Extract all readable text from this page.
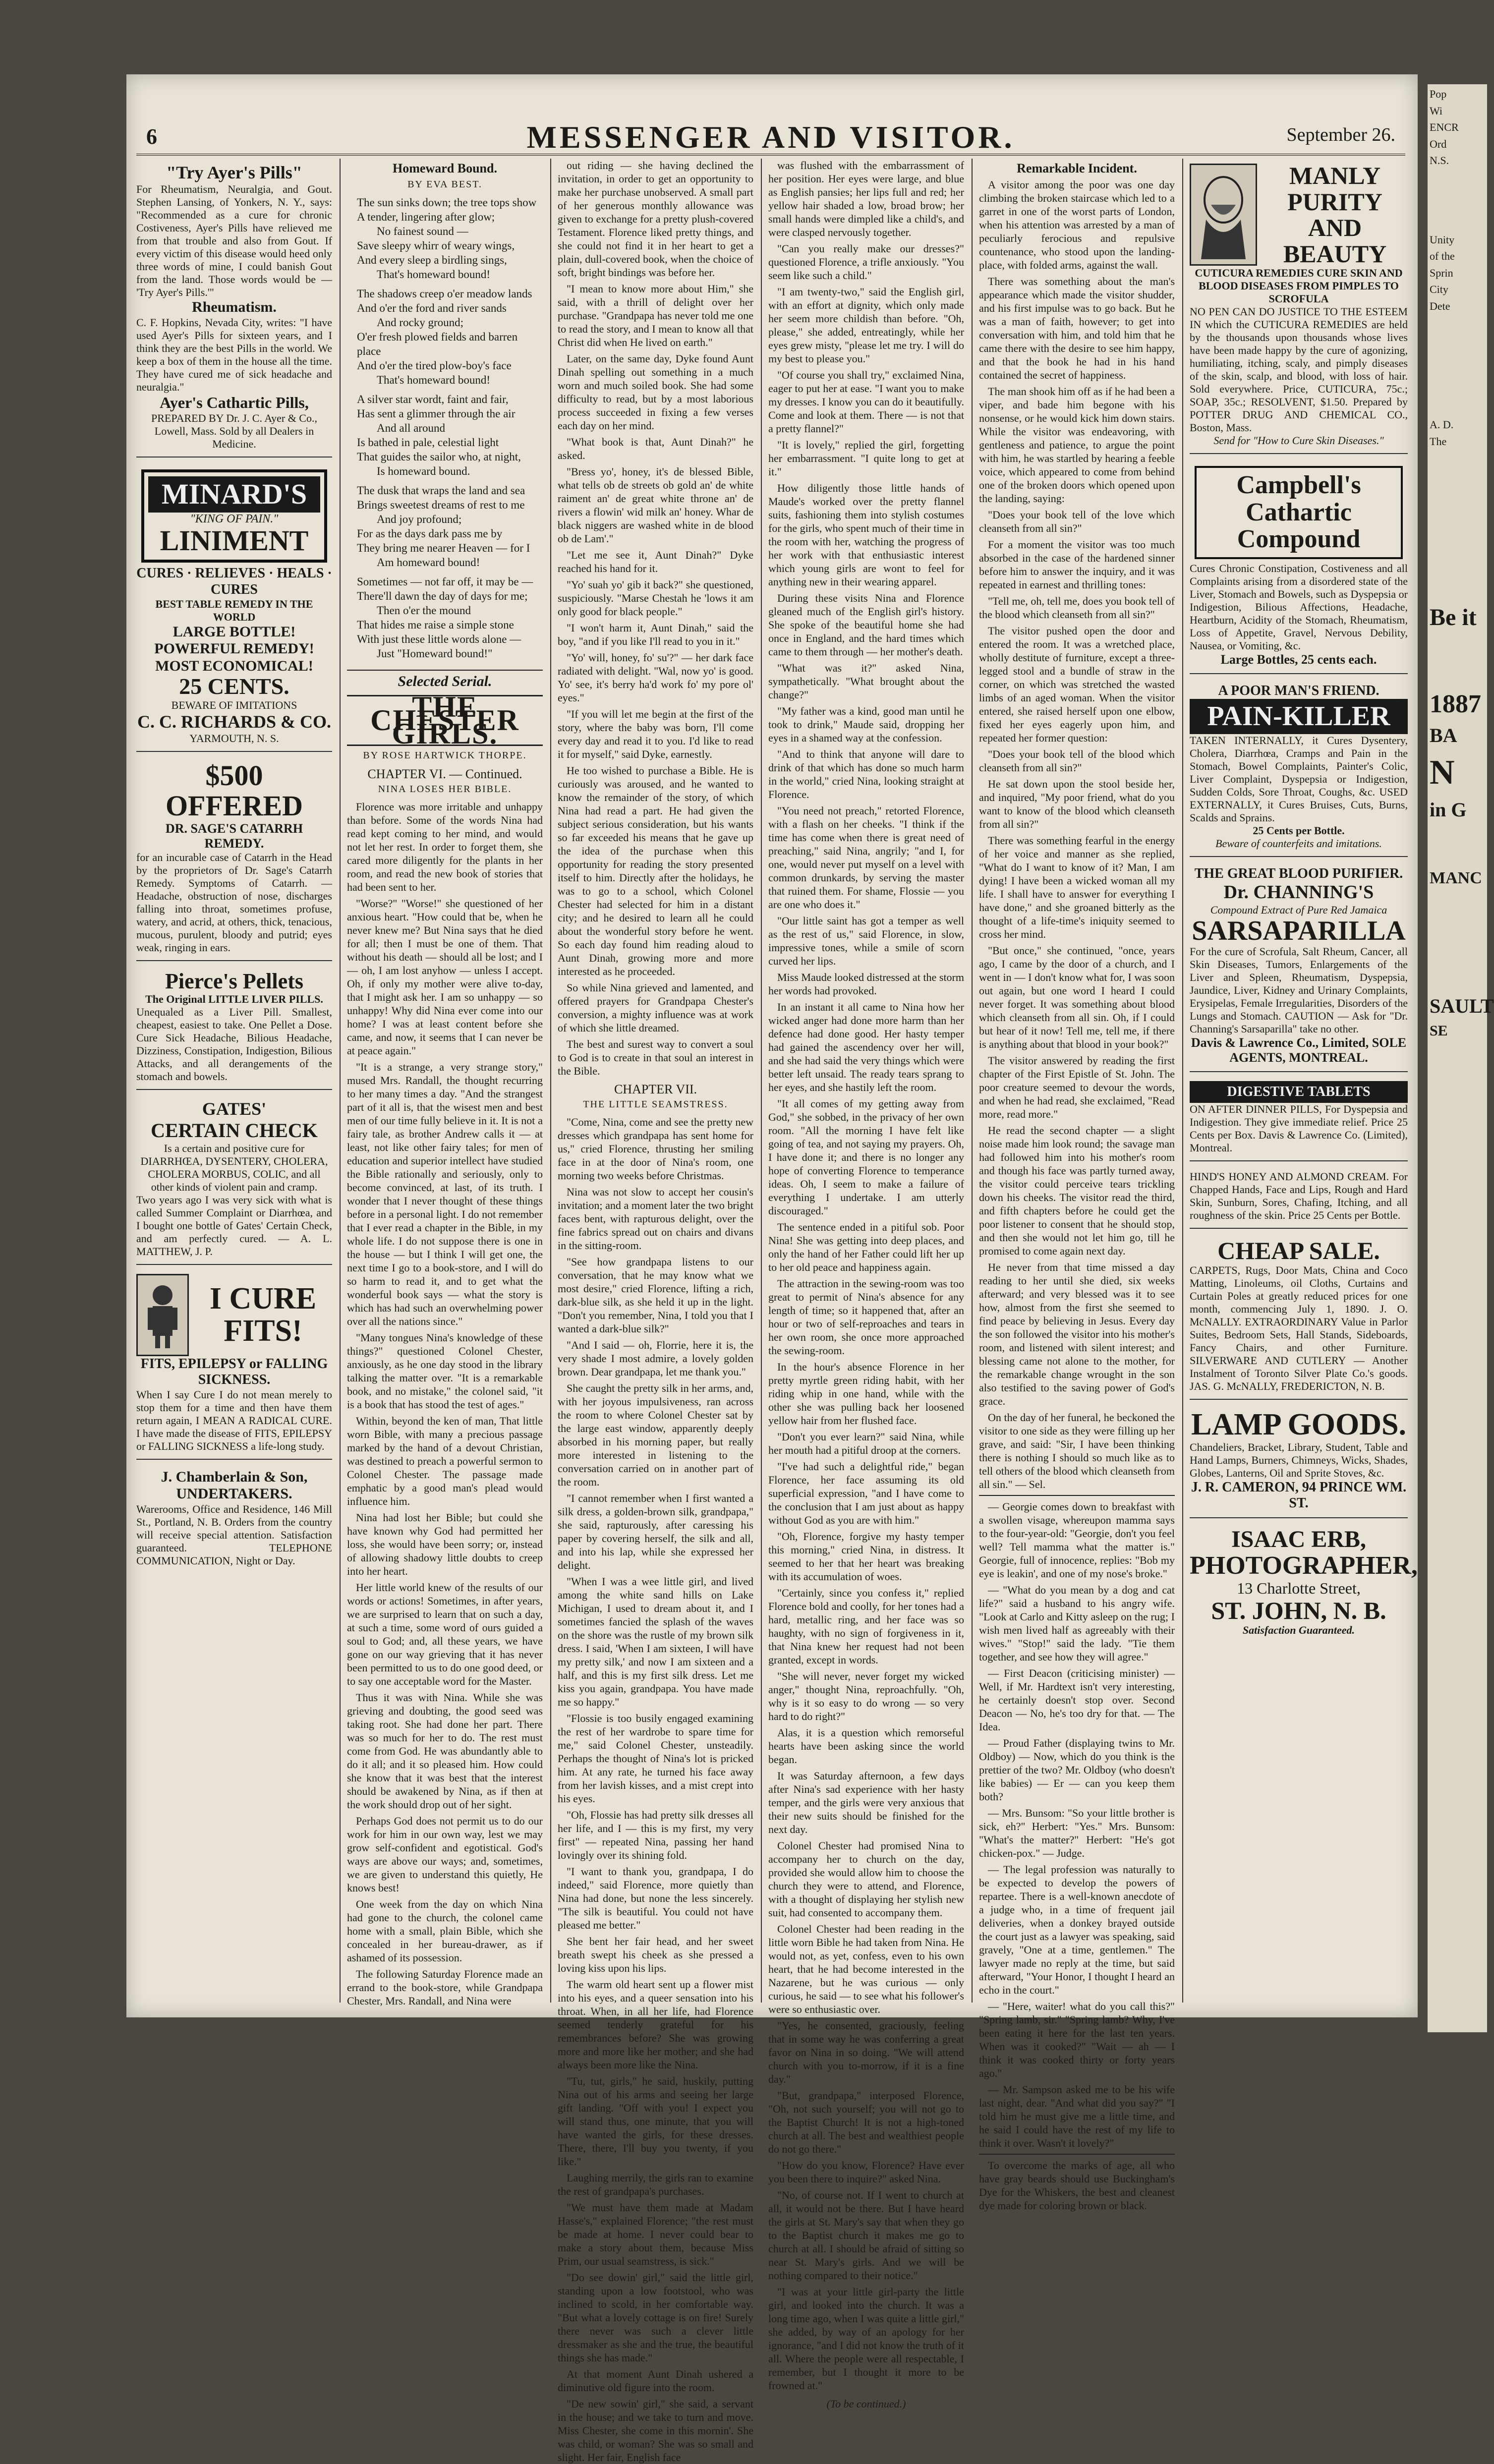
6	MESSENGER AND VISITOR.	September 26.
"Try Ayer's Pills"
For Rheumatism, Neuralgia, and Gout. Stephen Lansing, of Yonkers, N. Y., says: "Recommended as a cure for chronic Costiveness, Ayer's Pills have relieved me from that trouble and also from Gout. If every victim of this disease would heed only three words of mine, I could banish Gout from the land. Those words would be — 'Try Ayer's Pills.'"
Rheumatism.
C. F. Hopkins, Nevada City, writes: "I have used Ayer's Pills for sixteen years, and I think they are the best Pills in the world. We keep a box of them in the house all the time. They have cured me of sick headache and neuralgia."
Ayer's Cathartic Pills,
PREPARED BY Dr. J. C. Ayer & Co., Lowell, Mass. Sold by all Dealers in Medicine.
MINARD'S
"KING OF PAIN."
LINIMENT
CURES · RELIEVES · HEALS · CURES
BEST TABLE REMEDY IN THE WORLD
LARGE BOTTLE! POWERFUL REMEDY! MOST ECONOMICAL!
25 CENTS.
BEWARE OF IMITATIONS
C. C. RICHARDS & CO.
YARMOUTH, N. S.
$500 OFFERED
DR. SAGE'S CATARRH REMEDY.
for an incurable case of Catarrh in the Head by the proprietors of Dr. Sage's Catarrh Remedy. Symptoms of Catarrh. — Headache, obstruction of nose, discharges falling into throat, sometimes profuse, watery, and acrid, at others, thick, tenacious, mucous, purulent, bloody and putrid; eyes weak, ringing in ears.
Pierce's Pellets
The Original LITTLE LIVER PILLS.
Unequaled as a Liver Pill. Smallest, cheapest, easiest to take. One Pellet a Dose. Cure Sick Headache, Bilious Headache, Dizziness, Constipation, Indigestion, Bilious Attacks, and all derangements of the stomach and bowels.
GATES'
CERTAIN CHECK
Is a certain and positive cure for DIARRHŒA, DYSENTERY, CHOLERA, CHOLERA MORBUS, COLIC, and all other kinds of violent pain and cramp.
Two years ago I was very sick with what is called Summer Complaint or Diarrhœa, and I bought one bottle of Gates' Certain Check, and am perfectly cured. — A. L. MATTHEW, J. P.
I CURE FITS!
FITS, EPILEPSY or FALLING SICKNESS.
When I say Cure I do not mean merely to stop them for a time and then have them return again, I MEAN A RADICAL CURE. I have made the disease of FITS, EPILEPSY or FALLING SICKNESS a life-long study.
J. Chamberlain & Son, UNDERTAKERS.
Warerooms, Office and Residence, 146 Mill St., Portland, N. B. Orders from the country will receive special attention. Satisfaction guaranteed. TELEPHONE COMMUNICATION, Night or Day.
Homeward Bound.
BY EVA BEST.
The sun sinks down; the tree tops show
A tender, lingering after glow;
No fainest sound —
Save sleepy whirr of weary wings,
And every sleep a birdling sings,
That's homeward bound!
The shadows creep o'er meadow lands
And o'er the ford and river sands
And rocky ground;
O'er fresh plowed fields and barren place
And o'er the tired plow-boy's face
That's homeward bound!
A silver star wordt, faint and fair,
Has sent a glimmer through the air
And all around
Is bathed in pale, celestial light
That guides the sailor who, at night,
Is homeward bound.
The dusk that wraps the land and sea
Brings sweetest dreams of rest to me
And joy profound;
For as the days dark pass me by
They bring me nearer Heaven — for I
Am homeward bound!
Sometimes — not far off, it may be —
There'll dawn the day of days for me;
Then o'er the mound
That hides me raise a simple stone
With just these little words alone —
Just "Homeward bound!"
Selected Serial.
THE CHESTER GIRLS.
BY ROSE HARTWICK THORPE.
CHAPTER VI. — Continued.
NINA LOSES HER BIBLE.

Florence was more irritable and unhappy than before. Some of the words Nina had read kept coming to her mind, and would not let her rest. In order to forget them, she cared more diligently for the plants in her room, and read the new book of stories that had been sent to her.

"Worse?" "Worse!" she questioned of her anxious heart. "How could that be, when he never knew me? But Nina says that he died for all; then I must be one of them. That without his death — should all be lost; and I — oh, I am lost anyhow — unless I accept. Oh, if only my mother were alive to-day, that I might ask her. I am so unhappy — so unhappy! Why did Nina ever come into our home? I was at least content before she came, and now, it seems that I can never be at peace again."

"It is a strange, a very strange story," mused Mrs. Randall, the thought recurring to her many times a day. "And the strangest part of it all is, that the wisest men and best men of our time fully believe in it. It is not a fairy tale, as brother Andrew calls it — at least, not like other fairy tales; for men of education and superior intellect have studied the Bible rationally and seriously, only to become convinced, at last, of its truth. I wonder that I never thought of these things before in a personal light. I do not remember that I ever read a chapter in the Bible, in my whole life. I do not suppose there is one in the house — but I think I will get one, the next time I go to a book-store, and I will do so harm to read it, and to get what the wonderful book says — what the story is which has had such an overwhelming power over all the nations since."

"Many tongues Nina's knowledge of these things?" questioned Colonel Chester, anxiously, as he one day stood in the library talking the matter over. "It is a remarkable book, and no mistake," the colonel said, "it is a book that has stood the test of ages."

Within, beyond the ken of man, That little worn Bible, with many a precious passage marked by the hand of a devout Christian, was destined to preach a powerful sermon to Colonel Chester. The passage made emphatic by a good man's plead would influence him.

Nina had lost her Bible; but could she have known why God had permitted her loss, she would have been sorry; or, instead of allowing shadowy little doubts to creep into her heart.

Her little world knew of the results of our words or actions! Sometimes, in after years, we are surprised to learn that on such a day, at such a time, some word of ours guided a soul to God; and, all these years, we have gone on our way grieving that it has never been permitted to us to do one good deed, or to say one acceptable word for the Master.

Thus it was with Nina. While she was grieving and doubting, the good seed was taking root. She had done her part. There was so much for her to do. The rest must come from God. He was abundantly able to do it all; and it so pleased him. How could she know that it was best that the interest should be awakened by Nina, as if then at the work should drop out of her sight.

Perhaps God does not permit us to do our work for him in our own way, lest we may grow self-confident and egotistical. God's ways are above our ways; and, sometimes, we are given to understand this quietly, He knows best!

One week from the day on which Nina had gone to the church, the colonel came home with a small, plain Bible, which she concealed in her bureau-drawer, as if ashamed of its possession.

The following Saturday Florence made an errand to the book-store, while Grandpapa Chester, Mrs. Randall, and Nina were

out riding — she having declined the invitation, in order to get an opportunity to make her purchase unobserved. A small part of her generous monthly allowance was given to exchange for a pretty plush-covered Testament. Florence liked pretty things, and she could not find it in her heart to get a plain, dull-covered book, when the choice of soft, bright bindings was before her.

"I mean to know more about Him," she said, with a thrill of delight over her purchase. "Grandpapa has never told me one to read the story, and I mean to know all that Christ did when He lived on earth."

Later, on the same day, Dyke found Aunt Dinah spelling out something in a much worn and much soiled book. She had some difficulty to read, but by a most laborious process succeeded in fixing a few verses each day on her mind.

"What book is that, Aunt Dinah?" he asked.

"Bress yo', honey, it's de blessed Bible, what tells ob de streets ob gold an' de white raiment an' de great white throne an' de rivers a flowin' wid milk an' honey. Whar de black niggers are washed white in de blood ob de Lam'."

"Let me see it, Aunt Dinah?" Dyke reached his hand for it.

"Yo' suah yo' gib it back?" she questioned, suspiciously. "Marse Chestah he 'lows it am only good for black people."

"I won't harm it, Aunt Dinah," said the boy, "and if you like I'll read to you in it."

"Yo' will, honey, fo' su'?" — her dark face radiated with delight. "Wal, now yo' is good. Yo' see, it's berry ha'd work fo' my pore ol' eyes."

"If you will let me begin at the first of the story, where the baby was born, I'll come every day and read it to you. I'd like to read it for myself," said Dyke, earnestly.

He too wished to purchase a Bible. He is curiously was aroused, and he wanted to know the remainder of the story, of which Nina had read a part. He had given the subject serious consideration, but his wants so far exceeded his means that he gave up the idea of the purchase when this opportunity for reading the story presented itself to him. Directly after the holidays, he was to go to a school, which Colonel Chester had selected for him in a distant city; and he desired to learn all he could about the wonderful story before he went. So each day found him reading aloud to Aunt Dinah, growing more and more interested as he proceeded.

So while Nina grieved and lamented, and offered prayers for Grandpapa Chester's conversion, a mighty influence was at work of which she little dreamed.

The best and surest way to convert a soul to God is to create in that soul an interest in the Bible.

CHAPTER VII.
THE LITTLE SEAMSTRESS.

"Come, Nina, come and see the pretty new dresses which grandpapa has sent home for us," cried Florence, thrusting her smiling face in at the door of Nina's room, one morning two weeks before Christmas.

Nina was not slow to accept her cousin's invitation; and a moment later the two bright faces bent, with rapturous delight, over the fine fabrics spread out on chairs and divans in the sitting-room.

"See how grandpapa listens to our conversation, that he may know what we most desire," cried Florence, lifting a rich, dark-blue silk, as she held it up in the light. "Don't you remember, Nina, I told you that I wanted a dark-blue silk?"

"And I said — oh, Florrie, here it is, the very shade I most admire, a lovely golden brown. Dear grandpapa, let me thank you."

She caught the pretty silk in her arms, and, with her joyous impulsiveness, ran across the room to where Colonel Chester sat by the large east window, apparently deeply absorbed in his morning paper, but really more interested in listening to the conversation carried on in another part of the room.

"I cannot remember when I first wanted a silk dress, a golden-brown silk, grandpapa," she said, rapturously, after caressing his paper by covering herself, the silk and all, and into his lap, while she expressed her delight.

"When I was a wee little girl, and lived among the white sand hills on Lake Michigan, I used to dream about it, and I sometimes fancied the splash of the waves on the shore was the rustle of my brown silk dress. I said, 'When I am sixteen, I will have my pretty silk,' and now I am sixteen and a half, and this is my first silk dress. Let me kiss you again, grandpapa. You have made me so happy."

"Flossie is too busily engaged examining the rest of her wardrobe to spare time for me," said Colonel Chester, unsteadily. Perhaps the thought of Nina's lot is pricked him. At any rate, he turned his face away from her lavish kisses, and a mist crept into his eyes.

"Oh, Flossie has had pretty silk dresses all her life, and I — this is my first, my very first" — repeated Nina, passing her hand lovingly over its shining fold.

"I want to thank you, grandpapa, I do indeed," said Florence, more quietly than Nina had done, but none the less sincerely. "The silk is beautiful. You could not have pleased me better."

She bent her fair head, and her sweet breath swept his cheek as she pressed a loving kiss upon his lips.

The warm old heart sent up a flower mist into his eyes, and a queer sensation into his throat. When, in all her life, had Florence seemed tenderly grateful for his remembrances before? She was growing more and more like her mother; and she had always been more like the Nina.

"Tu, tut, girls," he said, huskily, putting Nina out of his arms and seeing her large gift landing. "Off with you! I expect you will stand thus, one minute, that you will have wanted the girls, for these dresses. There, there, I'll buy you twenty, if you like."

Laughing merrily, the girls ran to examine the rest of grandpapa's purchases.

"We must have them made at Madam Hasse's," explained Florence; "the rest must be made at home. I never could bear to make a story about them, because Miss Prim, our usual seamstress, is sick."

"Do see dowin' girl," said the little girl, standing upon a low footstool, who was inclined to scold, in her comfortable way. "But what a lovely cottage is on fire! Surely there never was such a clever little dressmaker as she and the true, the beautiful things she has made."

At that moment Aunt Dinah ushered a diminutive old figure into the room.

"De new sowin' girl," she said, a servant in the house; and we take to turn and move. Miss Chester, she come in this mornin'. She was child, or woman? She was so small and slight. Her fair, English face

was flushed with the embarrassment of her position. Her eyes were large, and blue as English pansies; her lips full and red; her yellow hair shaded a low, broad brow; her small hands were dimpled like a child's, and were clasped nervously together.

"Can you really make our dresses?" questioned Florence, a trifle anxiously. "You seem like such a child."

"I am twenty-two," said the English girl, with an effort at dignity, which only made her seem more childish than before. "Oh, please," she added, entreatingly, while her eyes grew misty, "please let me try. I will do my best to please you."

"Of course you shall try," exclaimed Nina, eager to put her at ease. "I want you to make my dresses. I know you can do it beautifully. Come and look at them. There — is not that a pretty flannel?"

"It is lovely," replied the girl, forgetting her embarrassment. "I quite long to get at it."

How diligently those little hands of Maude's worked over the pretty flannel suits, fashioning them into stylish costumes for the girls, who spent much of their time in the room with her, watching the progress of her work with that enthusiastic interest which young girls are wont to feel for anything new in their wearing apparel.

During these visits Nina and Florence gleaned much of the English girl's history. She spoke of the beautiful home she had once in England, and the hard times which came to them through — her mother's death.

"What was it?" asked Nina, sympathetically. "What brought about the change?"

"My father was a kind, good man until he took to drink," Maude said, dropping her eyes in a shamed way at the confession.

"And to think that anyone will dare to drink of that which has done so much harm in the world," cried Nina, looking straight at Florence.

"You need not preach," retorted Florence, with a flash on her cheeks. "I think if the time has come when there is great need of preaching," said Nina, angrily; "and I, for one, would never put myself on a level with common drunkards, by serving the master that ruined them. For shame, Flossie — you are one who does it."

"Our little saint has got a temper as well as the rest of us," said Florence, in slow, impressive tones, while a smile of scorn curved her lips.

Miss Maude looked distressed at the storm her words had provoked.

In an instant it all came to Nina how her wicked anger had done more harm than her defence had done good. Her hasty temper had gained the ascendency over her will, and she had said the very things which were better left unsaid. The ready tears sprang to her eyes, and she hastily left the room.

"It all comes of my getting away from God," she sobbed, in the privacy of her own room. "All the morning I have felt like going of tea, and not saying my prayers. Oh, I have done it; and there is no longer any hope of converting Florence to temperance ideas. Oh, I seem to make a failure of everything I undertake. I am utterly discouraged."

The sentence ended in a pitiful sob. Poor Nina! She was getting into deep places, and only the hand of her Father could lift her up to her old peace and happiness again.

The attraction in the sewing-room was too great to permit of Nina's absence for any length of time; so it happened that, after an hour or two of self-reproaches and tears in her own room, she once more approached the sewing-room.

In the hour's absence Florence in her pretty myrtle green riding habit, with her riding whip in one hand, while with the other she was pulling back her loosened yellow hair from her flushed face.

"Don't you ever learn?" said Nina, while her mouth had a pitiful droop at the corners.

"I've had such a delightful ride," began Florence, her face assuming its old superficial expression, "and I have come to the conclusion that I am just about as happy without God as you are with him."

"Oh, Florence, forgive my hasty temper this morning," cried Nina, in distress. It seemed to her that her heart was breaking with its accumulation of woes.

"Certainly, since you confess it," replied Florence bold and coolly, for her tones had a hard, metallic ring, and her face was so haughty, with no sign of forgiveness in it, that Nina knew her request had not been granted, except in words.

"She will never, never forget my wicked anger," thought Nina, reproachfully. "Oh, why is it so easy to do wrong — so very hard to do right?"

Alas, it is a question which remorseful hearts have been asking since the world began.

It was Saturday afternoon, a few days after Nina's sad experience with her hasty temper, and the girls were very anxious that their new suits should be finished for the next day.

Colonel Chester had promised Nina to accompany her to church on the day, provided she would allow him to choose the church they were to attend, and Florence, with a thought of displaying her stylish new suit, had consented to accompany them.

Colonel Chester had been reading in the little worn Bible he had taken from Nina. He would not, as yet, confess, even to his own heart, that he had become interested in the Nazarene, but he was curious — only curious, he said — to see what his follower's were so enthusiastic over.

"Yes, he consented, graciously, feeling that in some way he was conferring a great favor on Nina in so doing. "We will attend church with you to-morrow, if it is a fine day."

"But, grandpapa," interposed Florence, "Oh, not such yourself; you will not go to the Baptist Church! It is not a high-toned church at all. The best and wealthiest people do not go there."

"How do you know, Florence? Have ever you been there to inquire?" asked Nina.

"No, of course not. If I went to church at all, it would not be there. But I have heard the girls at St. Mary's say that when they go to the Baptist church it makes me go to church at all. I should be afraid of sitting so near St. Mary's girls. And we will be nothing compared to their notice."

"I was at your little girl-party the little girl, and looked into the church. It was a long time ago, when I was quite a little girl," she added, by way of an apology for her ignorance, "and I did not know the truth of it all. Where the people were all respectable, I remember, but I thought it more to be frowned at."

(To be continued.)
Remarkable Incident.

A visitor among the poor was one day climbing the broken staircase which led to a garret in one of the worst parts of London, when his attention was arrested by a man of peculiarly ferocious and repulsive countenance, who stood upon the landing-place, with folded arms, against the wall.

There was something about the man's appearance which made the visitor shudder, and his first impulse was to go back. But he was a man of faith, however; to get into conversation with him, and told him that he came there with the desire to see him happy, and that the book he had in his hand contained the secret of happiness.

The man shook him off as if he had been a viper, and bade him begone with his nonsense, or he would kick him down stairs. While the visitor was endeavoring, with gentleness and patience, to argue the point with him, he was startled by hearing a feeble voice, which appeared to come from behind one of the broken doors which opened upon the landing, saying:

"Does your book tell of the love which cleanseth from all sin?"

For a moment the visitor was too much absorbed in the case of the hardened sinner before him to answer the inquiry, and it was repeated in earnest and thrilling tones:

"Tell me, oh, tell me, does you book tell of the blood which cleanseth from all sin?"

The visitor pushed open the door and entered the room. It was a wretched place, wholly destitute of furniture, except a three-legged stool and a bundle of straw in the corner, on which was stretched the wasted limbs of an aged woman. When the visitor entered, she raised herself upon one elbow, fixed her eyes eagerly upon him, and repeated her former question:

"Does your book tell of the blood which cleanseth from all sin?"

He sat down upon the stool beside her, and inquired, "My poor friend, what do you want to know of the blood which cleanseth from all sin?"

There was something fearful in the energy of her voice and manner as she replied, "What do I want to know of it? Man, I am dying! I have been a wicked woman all my life. I shall have to answer for everything I have done," and she groaned bitterly as the thought of a life-time's iniquity seemed to cross her mind.

"But once," she continued, "once, years ago, I came by the door of a church, and I went in — I don't know what for, I was soon out again, but one word I heard I could never forget. It was something about blood which cleanseth from all sin. Oh, if I could but hear of it now! Tell me, tell me, if there is anything about that blood in your book?"

The visitor answered by reading the first chapter of the First Epistle of St. John. The poor creature seemed to devour the words, and when he had read, she exclaimed, "Read more, read more."

He read the second chapter — a slight noise made him look round; the savage man had followed him into his mother's room and though his face was partly turned away, the visitor could perceive tears trickling down his cheeks. The visitor read the third, and fifth chapters before he could get the poor listener to consent that he should stop, and then she would not let him go, till he promised to come again next day.

He never from that time missed a day reading to her until she died, six weeks afterward; and very blessed was it to see how, almost from the first she seemed to find peace by believing in Jesus. Every day the son followed the visitor into his mother's room, and listened with silent interest; and blessing came not alone to the mother, for the remarkable change wrought in the son also testified to the saving power of God's grace.

On the day of her funeral, he beckoned the visitor to one side as they were filling up her grave, and said: "Sir, I have been thinking there is nothing I should so much like as to tell others of the blood which cleanseth from all sin." — Sel.

— Georgie comes down to breakfast with a swollen visage, whereupon mamma says to the four-year-old: "Georgie, don't you feel well? Tell mamma what the matter is." Georgie, full of innocence, replies: "Bob my eye is leakin', and one of my nose's broke."

— "What do you mean by a dog and cat life?" said a husband to his angry wife. "Look at Carlo and Kitty asleep on the rug; I wish men lived half as agreeably with their wives." "Stop!" said the lady. "Tie them together, and see how they will agree."

— First Deacon (criticising minister) — Well, if Mr. Hardtext isn't very interesting, he certainly doesn't stop over. Second Deacon — No, he's too dry for that. — The Idea.

— Proud Father (displaying twins to Mr. Oldboy) — Now, which do you think is the prettier of the two? Mr. Oldboy (who doesn't like babies) — Er — can you keep them both?

— Mrs. Bunsom: "So your little brother is sick, eh?" Herbert: "Yes." Mrs. Bunsom: "What's the matter?" Herbert: "He's got chicken-pox." — Judge.

— The legal profession was naturally to be expected to develop the powers of repartee. There is a well-known anecdote of a judge who, in a time of frequent jail deliveries, when a donkey brayed outside the court just as a lawyer was speaking, said gravely, "One at a time, gentlemen." The lawyer made no reply at the time, but said afterward, "Your Honor, I thought I heard an echo in the court."

— "Here, waiter! what do you call this?" "Spring lamb, sir." "Spring lamb? Why, I've been eating it here for the last ten years. When was it cooked?" "Wait — ah — I think it was cooked thirty or forty years ago."

— Mr. Sampson asked me to be his wife last night, dear. "And what did you say?" "I told him he must give me a little time, and he said I could have the rest of my life to think it over. Wasn't it lovely?"

To overcome the marks of age, all who have gray beards should use Buckingham's Dye for the Whiskers, the best and cleanest dye made for coloring brown or black.

MANLY PURITY AND BEAUTY
CUTICURA REMEDIES CURE SKIN AND BLOOD DISEASES FROM PIMPLES TO SCROFULA
NO PEN CAN DO JUSTICE TO THE ESTEEM IN which the CUTICURA REMEDIES are held by the thousands upon thousands whose lives have been made happy by the cure of agonizing, humiliating, itching, scaly, and pimply diseases of the skin, scalp, and blood, with loss of hair. Sold everywhere. Price, CUTICURA, 75c.; SOAP, 35c.; RESOLVENT, $1.50. Prepared by POTTER DRUG AND CHEMICAL CO., Boston, Mass.
Send for "How to Cure Skin Diseases."
Campbell's Cathartic Compound
Cures Chronic Constipation, Costiveness and all Complaints arising from a disordered state of the Liver, Stomach and Bowels, such as Dyspepsia or Indigestion, Bilious Affections, Headache, Heartburn, Acidity of the Stomach, Rheumatism, Loss of Appetite, Gravel, Nervous Debility, Nausea, or Vomiting, &c.
Large Bottles, 25 cents each.
A POOR MAN'S FRIEND.
PAIN-KILLER
TAKEN INTERNALLY, it Cures Dysentery, Cholera, Diarrhœa, Cramps and Pain in the Stomach, Bowel Complaints, Painter's Colic, Liver Complaint, Dyspepsia or Indigestion, Sudden Colds, Sore Throat, Coughs, &c. USED EXTERNALLY, it Cures Bruises, Cuts, Burns, Scalds and Sprains.
25 Cents per Bottle.
Beware of counterfeits and imitations.
THE GREAT BLOOD PURIFIER.
Dr. CHANNING'S
Compound Extract of Pure Red Jamaica
SARSAPARILLA
For the cure of Scrofula, Salt Rheum, Cancer, all Skin Diseases, Tumors, Enlargements of the Liver and Spleen, Rheumatism, Dyspepsia, Jaundice, Liver, Kidney and Urinary Complaints, Erysipelas, Female Irregularities, Disorders of the Lungs and Stomach. CAUTION — Ask for "Dr. Channing's Sarsaparilla" take no other.
Davis & Lawrence Co., Limited, SOLE AGENTS, MONTREAL.
DIGESTIVE TABLETS
ON AFTER DINNER PILLS, For Dyspepsia and Indigestion. They give immediate relief. Price 25 Cents per Box. Davis & Lawrence Co. (Limited), Montreal.
HIND'S HONEY AND ALMOND CREAM. For Chapped Hands, Face and Lips, Rough and Hard Skin, Sunburn, Sores, Chafing, Itching, and all roughness of the skin. Price 25 Cents per Bottle.
CHEAP SALE.
CARPETS, Rugs, Door Mats, China and Coco Matting, Linoleums, oil Cloths, Curtains and Curtain Poles at greatly reduced prices for one month, commencing July 1, 1890. J. O. McNALLY. EXTRAORDINARY Value in Parlor Suites, Bedroom Sets, Hall Stands, Sideboards, Fancy Chairs, and other Furniture. SILVERWARE AND CUTLERY — Another Instalment of Toronto Silver Plate Co.'s goods. JAS. G. McNALLY, FREDERICTON, N. B.
LAMP GOODS.
Chandeliers, Bracket, Library, Student, Table and Hand Lamps, Burners, Chimneys, Wicks, Shades, Globes, Lanterns, Oil and Sprite Stoves, &c.
J. R. CAMERON, 94 PRINCE WM. ST.
ISAAC ERB,
PHOTOGRAPHER,
13 Charlotte Street,
ST. JOHN, N. B.
Satisfaction Guaranteed.
Pop
Wi
ENCR
Ord
N.S.
Unity
of the
Sprin
City
Dete
A. D.
The
Be it
1887
BA
N
in G
MANC
SAULT
SE
